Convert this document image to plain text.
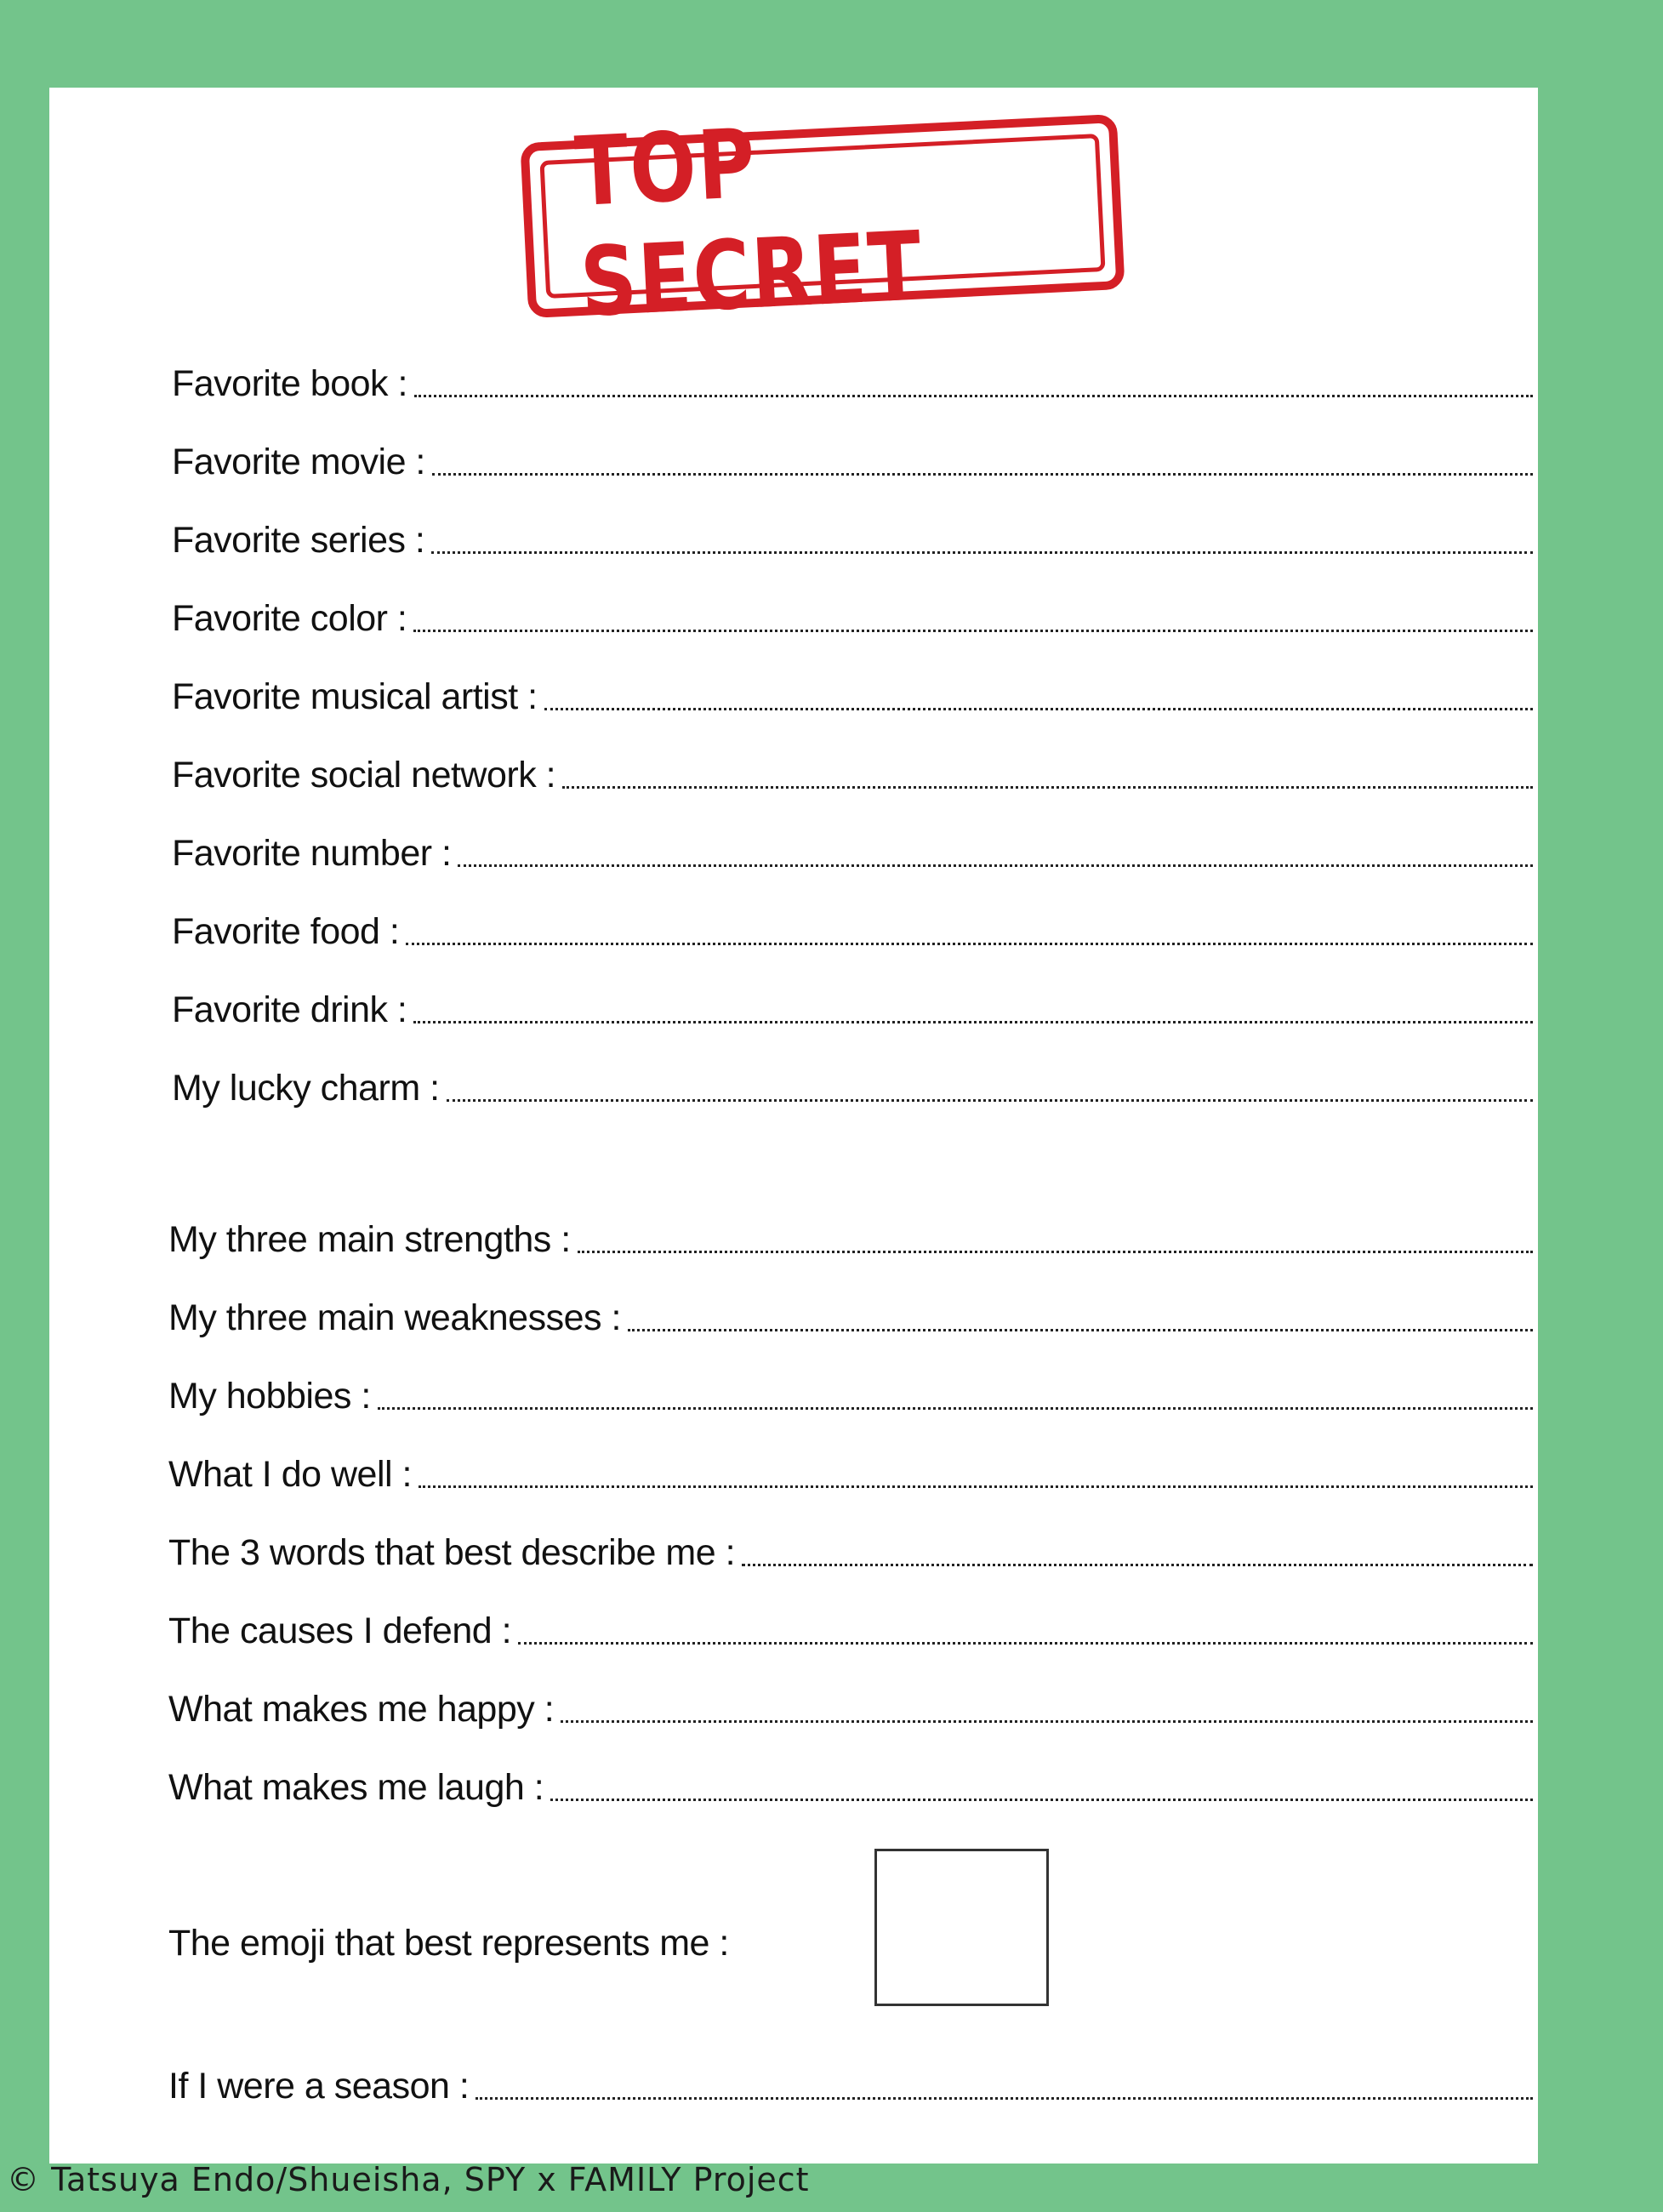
TOP SECRET
Favorite book :
Favorite movie :
Favorite series :
Favorite color :
Favorite musical artist :
Favorite social network :
Favorite number :
Favorite food :
Favorite drink :
My lucky charm :
My three main strengths :
My three main weaknesses :
My hobbies :
What I do well :
The 3 words that best describe me :
The causes I defend :
What makes me happy :
What makes me laugh :
The emoji that best represents me :
If I were a season :
© Tatsuya Endo/Shueisha, SPY x FAMILY Project
